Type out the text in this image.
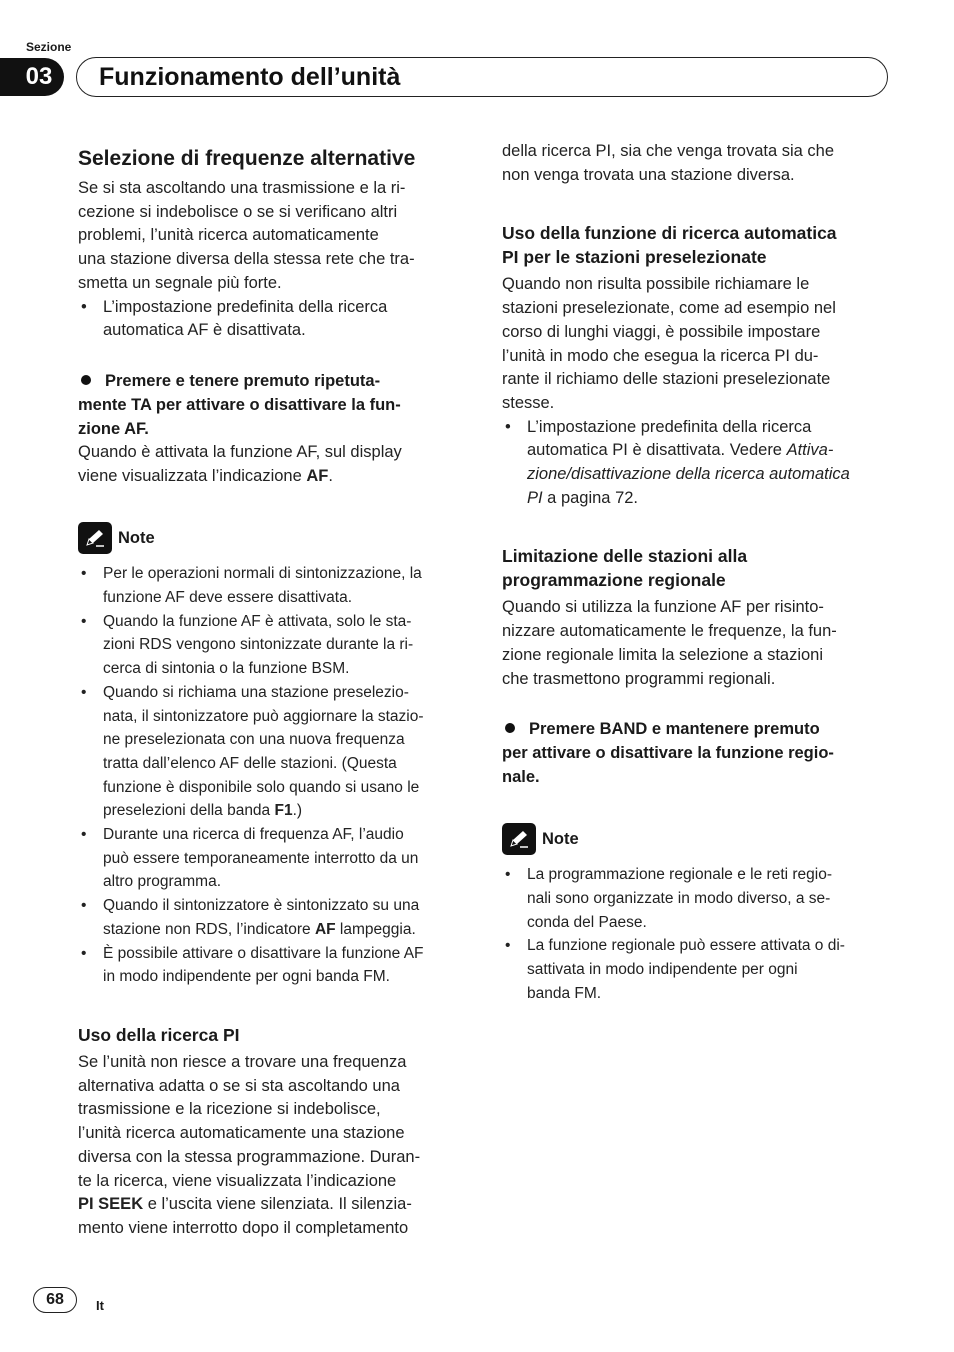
Sezione
03	Funzionamento dell’unità
Selezione di frequenze alternative

Se si sta ascoltando una trasmissione e la ri-
cezione si indebolisce o se si verificano altri
problemi, l’unità ricerca automaticamente
una stazione diversa della stessa rete che tra-
smetta un segnale più forte.

• L’impostazione predefinita della ricerca
automatica AF è disattivata.

Premere e tenere premuto ripetuta-
mente TA per attivare o disattivare la fun-
zione AF.

Quando è attivata la funzione AF, sul display
viene visualizzata l’indicazione AF.

Note
• Per le operazioni normali di sintonizzazione, la
funzione AF deve essere disattivata.
• Quando la funzione AF è attivata, solo le sta-
zioni RDS vengono sintonizzate durante la ri-
cerca di sintonia o la funzione BSM.
• Quando si richiama una stazione preselezio-
nata, il sintonizzatore può aggiornare la stazio-
ne preselezionata con una nuova frequenza
tratta dall’elenco AF delle stazioni. (Questa
funzione è disponibile solo quando si usano le
preselezioni della banda F1.)
• Durante una ricerca di frequenza AF, l’audio
può essere temporaneamente interrotto da un
altro programma.
• Quando il sintonizzatore è sintonizzato su una
stazione non RDS, l’indicatore AF lampeggia.
• È possibile attivare o disattivare la funzione AF
in modo indipendente per ogni banda FM.
Uso della ricerca PI

Se l’unità non riesce a trovare una frequenza
alternativa adatta o se si sta ascoltando una
trasmissione e la ricezione si indebolisce,
l’unità ricerca automaticamente una stazione
diversa con la stessa programmazione. Duran-
te la ricerca, viene visualizzata l’indicazione
PI SEEK e l’uscita viene silenziata. Il silenzia-
mento viene interrotto dopo il completamento

della ricerca PI, sia che venga trovata sia che
non venga trovata una stazione diversa.

Uso della funzione di ricerca automatica
PI per le stazioni preselezionate

Quando non risulta possibile richiamare le
stazioni preselezionate, come ad esempio nel
corso di lunghi viaggi, è possibile impostare
l’unità in modo che esegua la ricerca PI du-
rante il richiamo delle stazioni preselezionate
stesse.

• L’impostazione predefinita della ricerca
automatica PI è disattivata. Vedere Attiva-
zione/disattivazione della ricerca automatica
PI a pagina 72.
Limitazione delle stazioni alla
programmazione regionale

Quando si utilizza la funzione AF per risinto-
nizzare automaticamente le frequenze, la fun-
zione regionale limita la selezione a stazioni
che trasmettono programmi regionali.

Premere BAND e mantenere premuto
per attivare o disattivare la funzione regio-
nale.

Note
• La programmazione regionale e le reti regio-
nali sono organizzate in modo diverso, a se-
conda del Paese.
• La funzione regionale può essere attivata o di-
sattivata in modo indipendente per ogni
banda FM.
68	It
